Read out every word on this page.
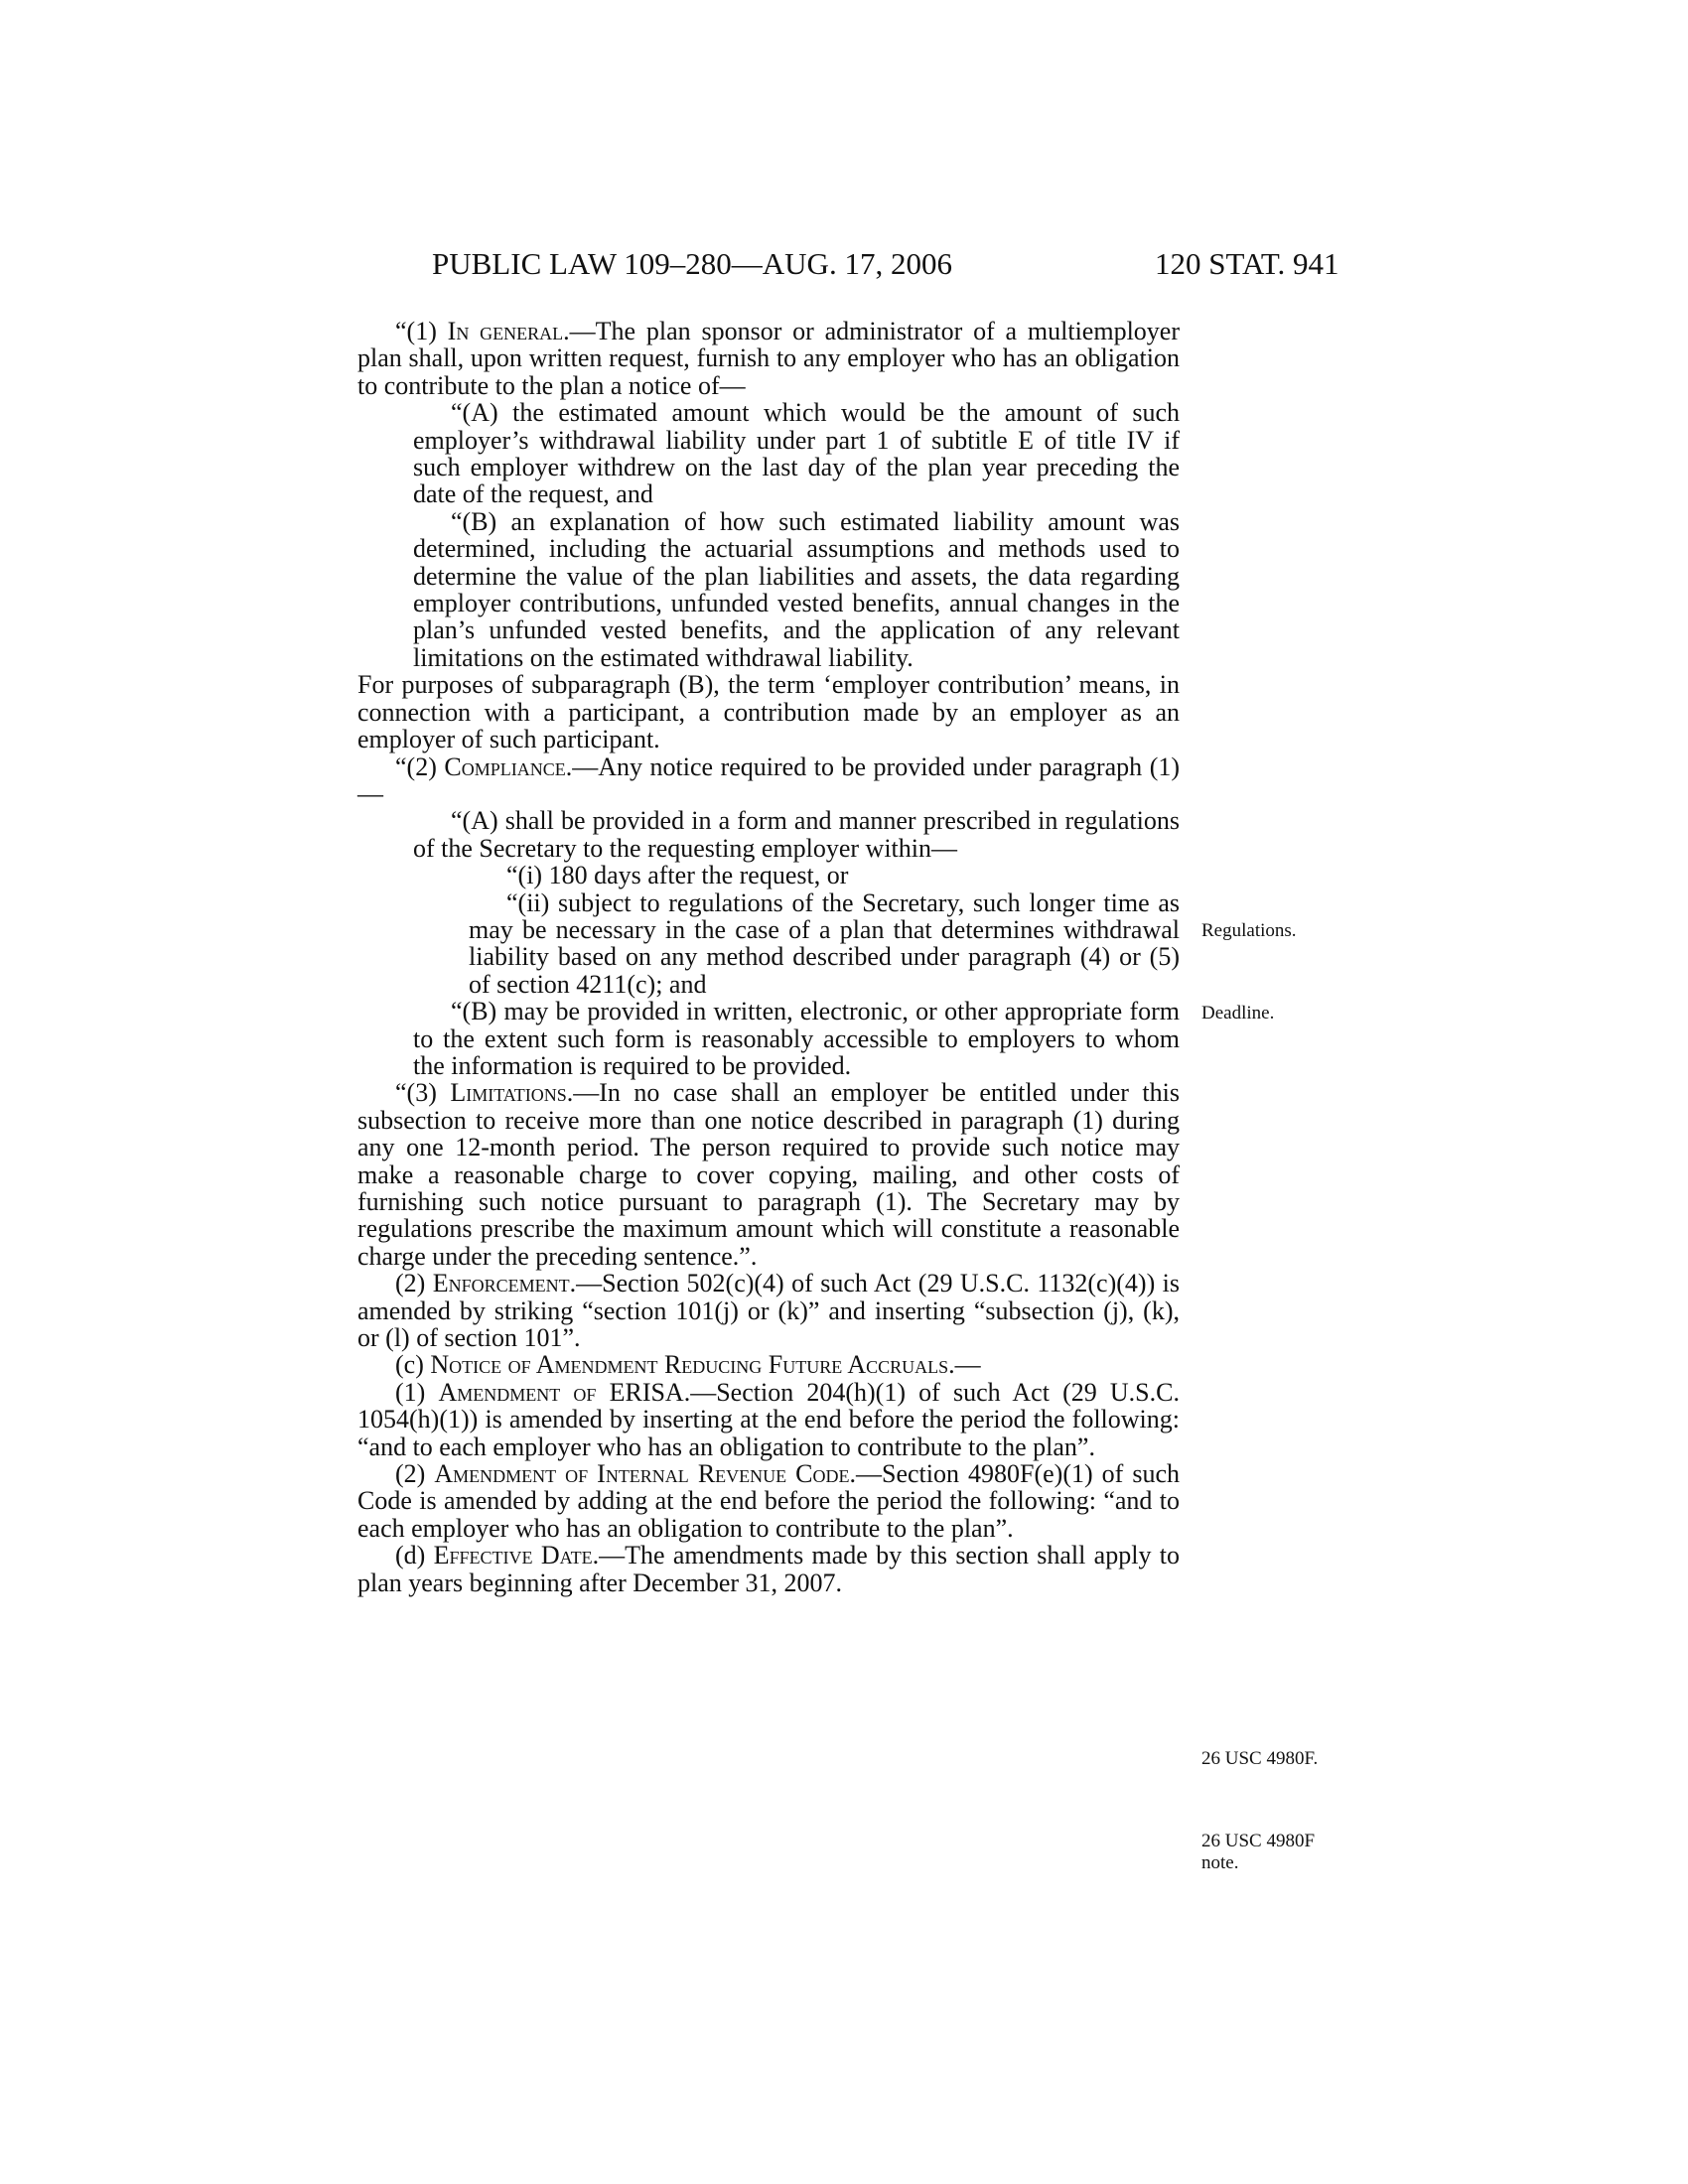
PUBLIC LAW 109–280—AUG. 17, 2006	120 STAT. 941

“(1) In general.—The plan sponsor or administrator of a multiemployer plan shall, upon written request, furnish to any employer who has an obligation to contribute to the plan a notice of—

“(A) the estimated amount which would be the amount of such employer’s withdrawal liability under part 1 of subtitle E of title IV if such employer withdrew on the last day of the plan year preceding the date of the request, and

“(B) an explanation of how such estimated liability amount was determined, including the actuarial assumptions and methods used to determine the value of the plan liabilities and assets, the data regarding employer contributions, unfunded vested benefits, annual changes in the plan’s unfunded vested benefits, and the application of any relevant limitations on the estimated withdrawal liability.

For purposes of subparagraph (B), the term ‘employer contribution’ means, in connection with a participant, a contribution made by an employer as an employer of such participant.

“(2) Compliance.—Any notice required to be provided under paragraph (1)—

“(A) shall be provided in a form and manner prescribed in regulations of the Secretary to the requesting employer within—

“(i) 180 days after the request, or

“(ii) subject to regulations of the Secretary, such longer time as may be necessary in the case of a plan that determines withdrawal liability based on any method described under paragraph (4) or (5) of section 4211(c); and

“(B) may be provided in written, electronic, or other appropriate form to the extent such form is reasonably accessible to employers to whom the information is required to be provided.

“(3) Limitations.—In no case shall an employer be entitled under this subsection to receive more than one notice described in paragraph (1) during any one 12-month period. The person required to provide such notice may make a reasonable charge to cover copying, mailing, and other costs of furnishing such notice pursuant to paragraph (1). The Secretary may by regulations prescribe the maximum amount which will constitute a reasonable charge under the preceding sentence.”.

(2) Enforcement.—Section 502(c)(4) of such Act (29 U.S.C. 1132(c)(4)) is amended by striking “section 101(j) or (k)” and inserting “subsection (j), (k), or (l) of section 101”.

(c) Notice of Amendment Reducing Future Accruals.—

(1) Amendment of ERISA.—Section 204(h)(1) of such Act (29 U.S.C. 1054(h)(1)) is amended by inserting at the end before the period the following: “and to each employer who has an obligation to contribute to the plan”.

(2) Amendment of Internal Revenue Code.—Section 4980F(e)(1) of such Code is amended by adding at the end before the period the following: “and to each employer who has an obligation to contribute to the plan”.

(d) Effective Date.—The amendments made by this section shall apply to plan years beginning after December 31, 2007.

Regulations.
Deadline.
26 USC 4980F.
26 USC 4980F
note.
